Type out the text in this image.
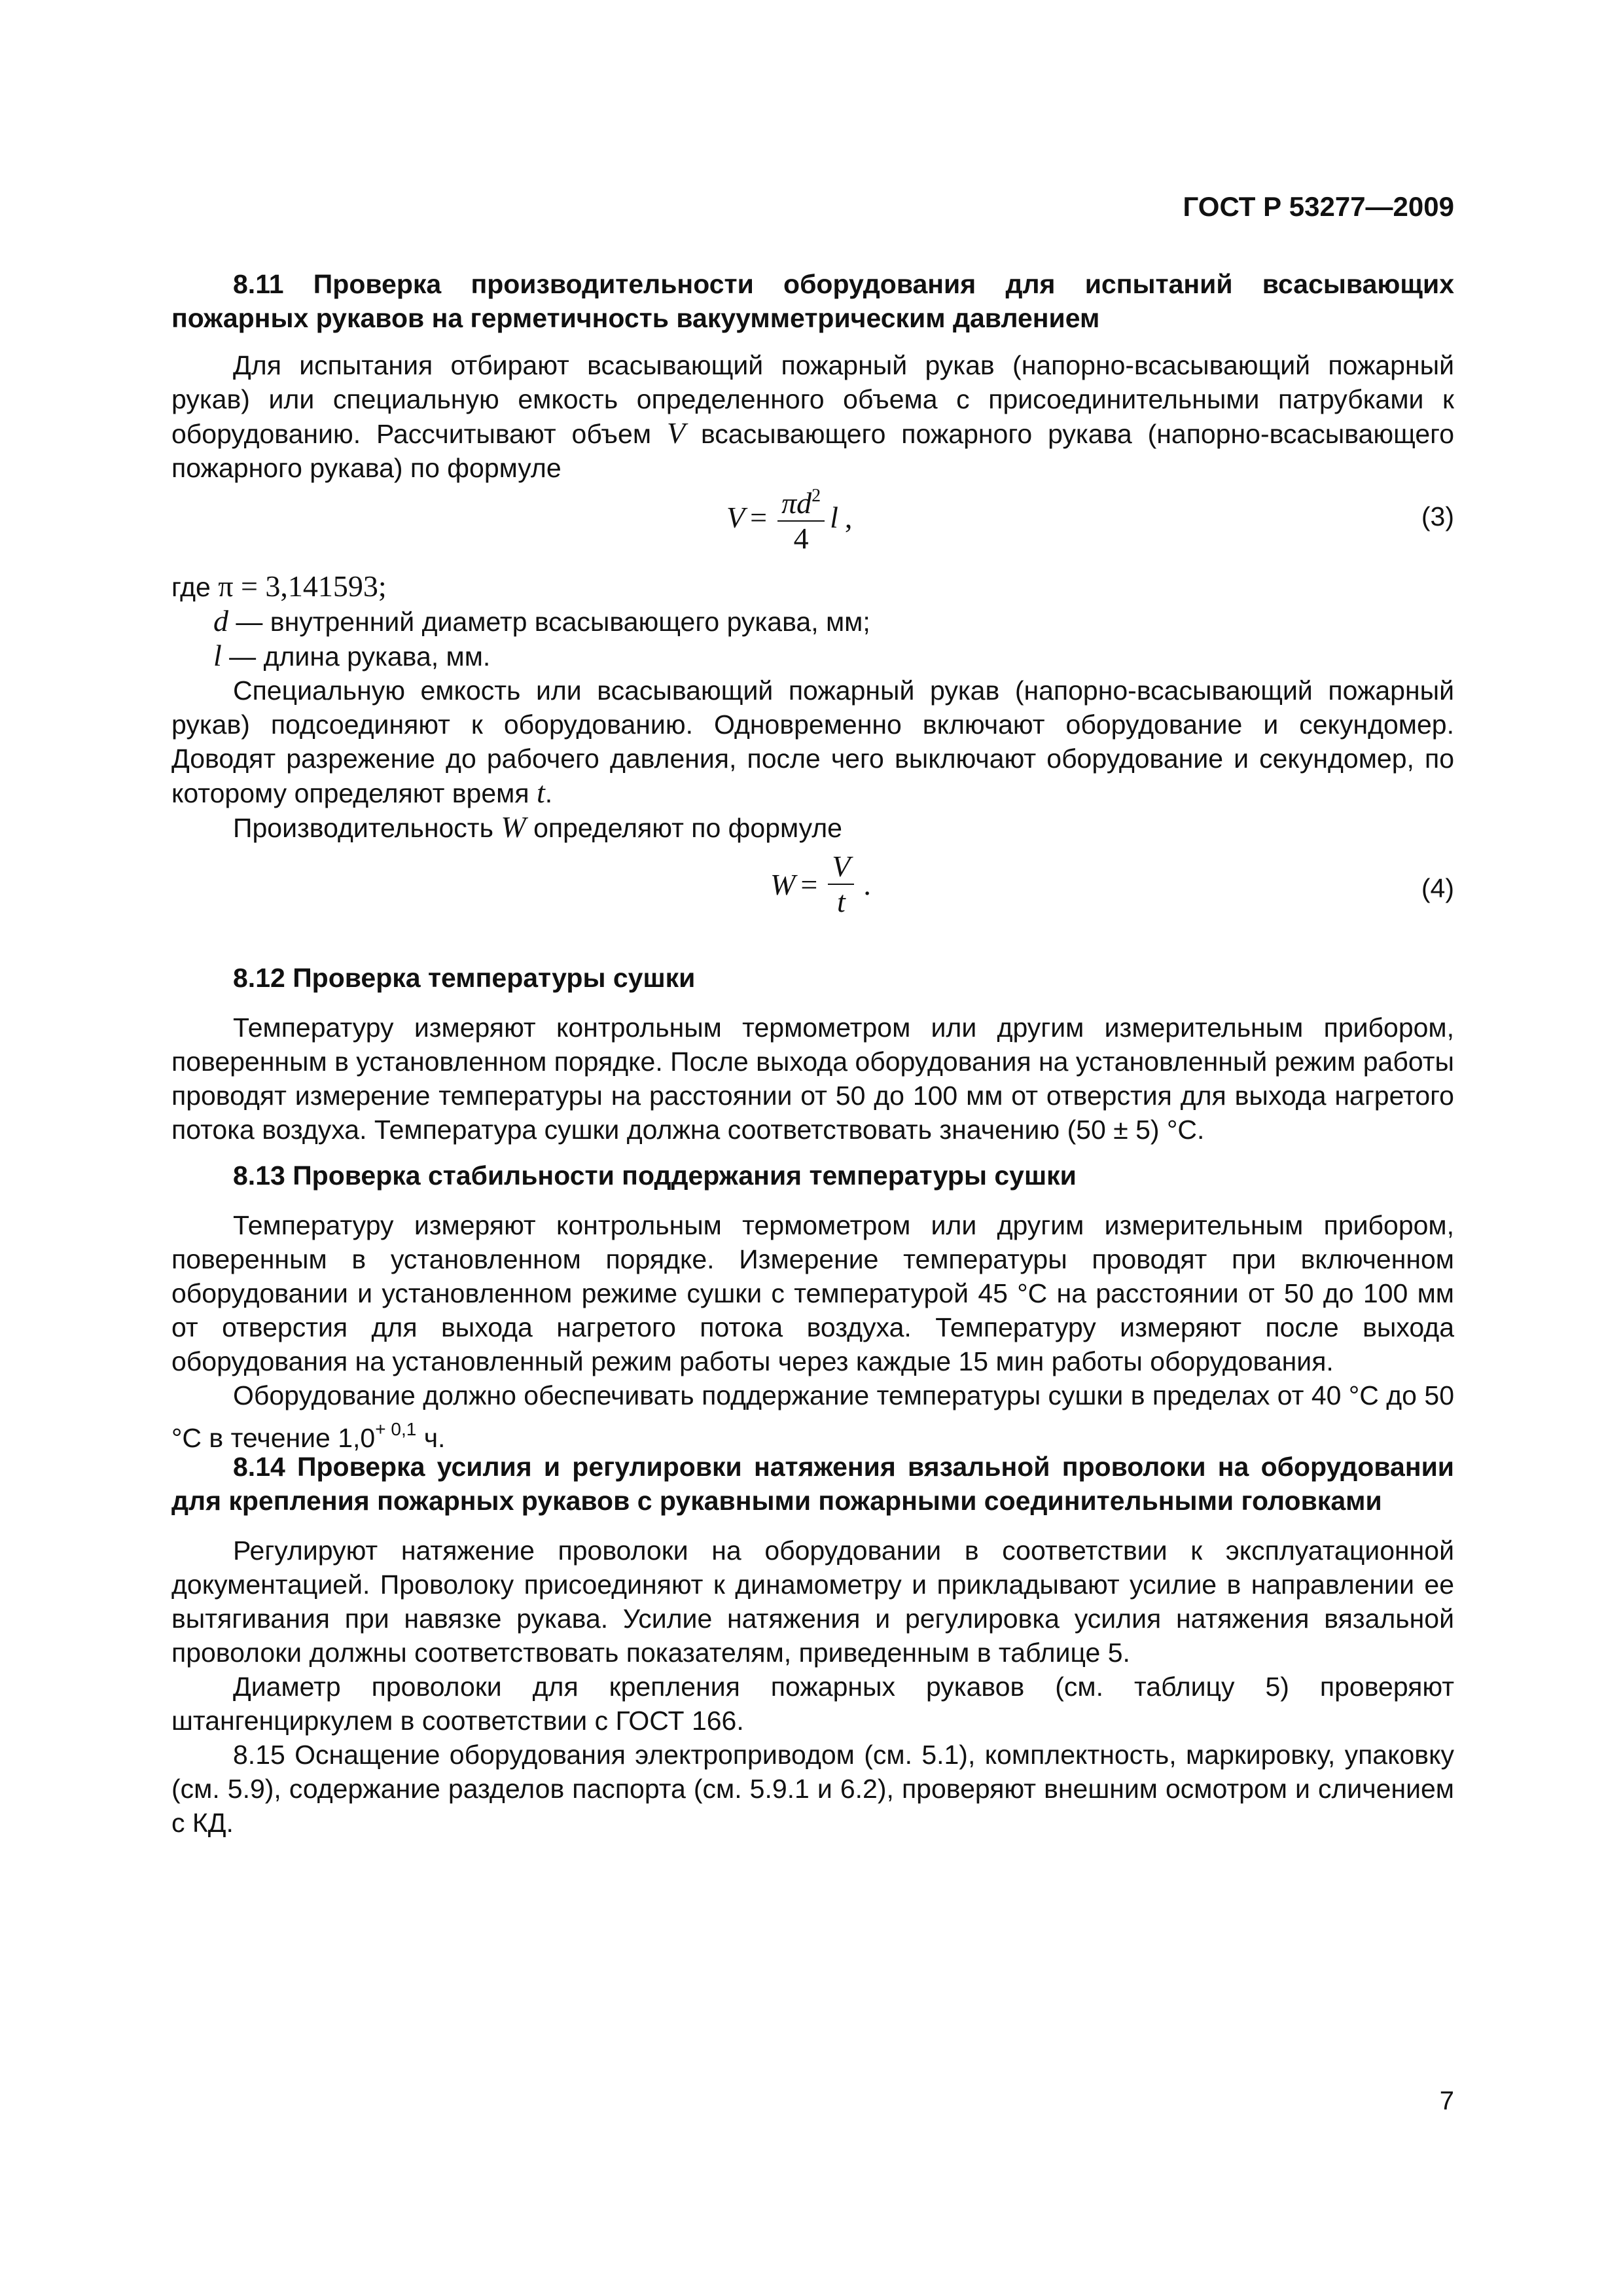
ГОСТ Р 53277—2009

8.11 Проверка производительности оборудования для испытаний всасывающих пожарных рукавов на герметичность вакуумметрическим давлением

Для испытания отбирают всасывающий пожарный рукав (напорно-всасывающий пожарный рукав) или специальную емкость определенного объема с присоединительными патрубками к оборудованию. Рассчитывают объем V всасывающего пожарного рукава (напорно-всасывающего пожарного рукава) по формуле

$V = \frac{\pi d^2}{4}$ l ,	(3)

где π = 3,141593;

d — внутренний диаметр всасывающего рукава, мм;

l — длина рукава, мм.

Специальную емкость или всасывающий пожарный рукав (напорно-всасывающий пожарный рукав) подсоединяют к оборудованию. Одновременно включают оборудование и секундомер. Доводят разрежение до рабочего давления, после чего выключают оборудование и секундомер, по которому определяют время t.

Производительность W определяют по формуле

$W = \frac{V}{t}$ .	(4)

8.12 Проверка температуры сушки

Температуру измеряют контрольным термометром или другим измерительным прибором, поверенным в установленном порядке. После выхода оборудования на установленный режим работы проводят измерение температуры на расстоянии от 50 до 100 мм от отверстия для выхода нагретого потока воздуха. Температура сушки должна соответствовать значению (50 ± 5) °С.

8.13 Проверка стабильности поддержания температуры сушки

Температуру измеряют контрольным термометром или другим измерительным прибором, поверенным в установленном порядке. Измерение температуры проводят при включенном оборудовании и установленном режиме сушки с температурой 45 °С на расстоянии от 50 до 100 мм от отверстия для выхода нагретого потока воздуха. Температуру измеряют после выхода оборудования на установленный режим работы через каждые 15 мин работы оборудования.

Оборудование должно обеспечивать поддержание температуры сушки в пределах от 40 °С до 50 °С в течение $1,0^{+ 0,1}$ ч.

8.14 Проверка усилия и регулировки натяжения вязальной проволоки на оборудовании для крепления пожарных рукавов с рукавными пожарными соединительными головками

Регулируют натяжение проволоки на оборудовании в соответствии к эксплуатационной документацией. Проволоку присоединяют к динамометру и прикладывают усилие в направлении ее вытягивания при навязке рукава. Усилие натяжения и регулировка усилия натяжения вязальной проволоки должны соответствовать показателям, приведенным в таблице 5.

Диаметр проволоки для крепления пожарных рукавов (см. таблицу 5) проверяют штангенциркулем в соответствии с ГОСТ 166.

8.15 Оснащение оборудования электроприводом (см. 5.1), комплектность, маркировку, упаковку (см. 5.9), содержание разделов паспорта (см. 5.9.1 и 6.2), проверяют внешним осмотром и сличением с КД.

7
